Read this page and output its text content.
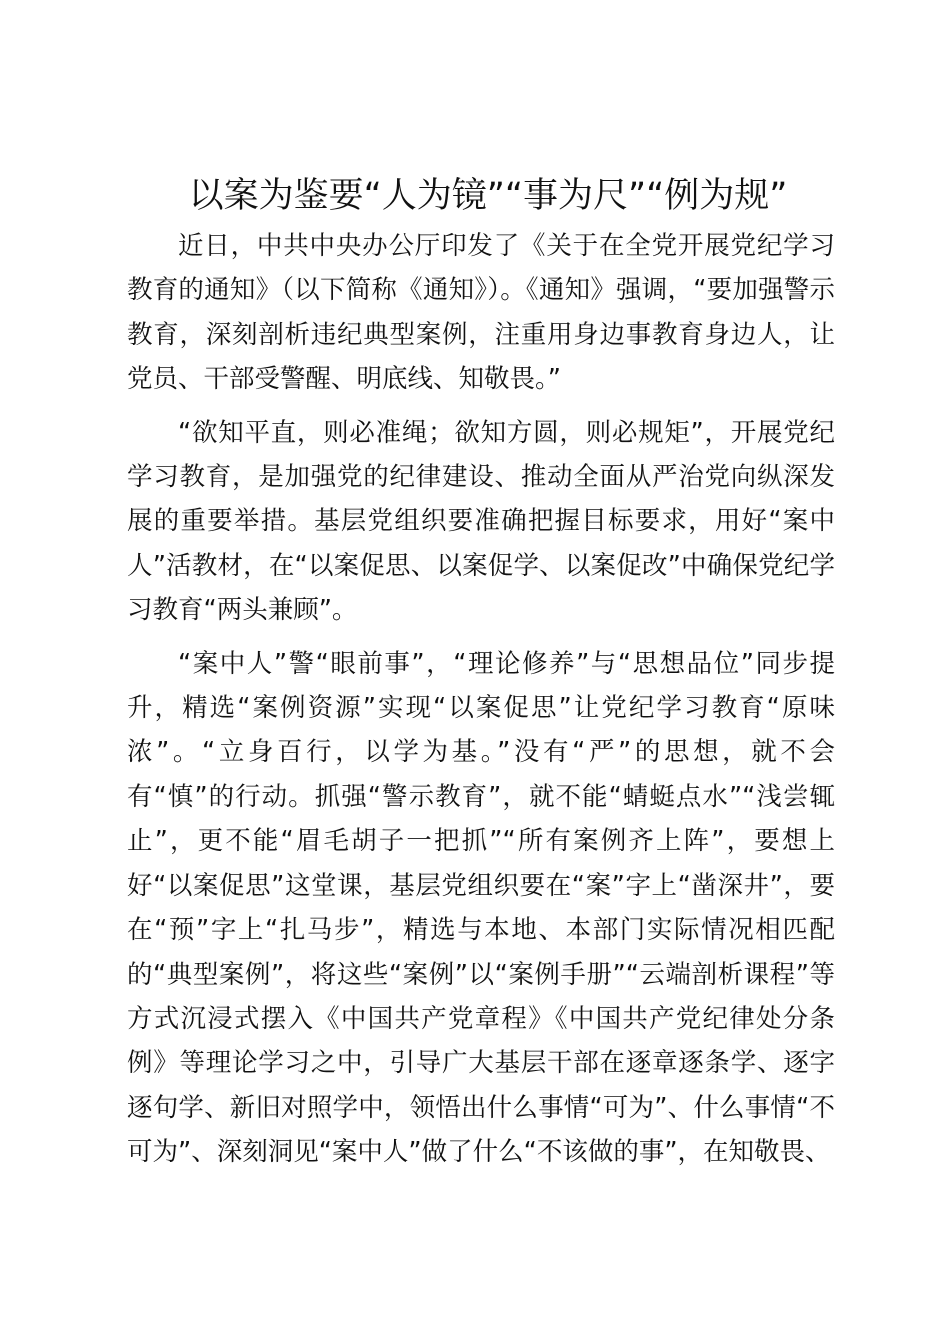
以案为鉴要“人为镜”“事为尺”“例为规”

近日，中共中央办公厅印发了《关于在全党开展党纪学习教育的通知》（以下简称《通知》）。《通知》强调，“要加强警示教育，深刻剖析违纪典型案例，注重用身边事教育身边人，让党员、干部受警醒、明底线、知敬畏。”

“欲知平直，则必准绳；欲知方圆，则必规矩”，开展党纪学习教育，是加强党的纪律建设、推动全面从严治党向纵深发展的重要举措。基层党组织要准确把握目标要求，用好“案中人”活教材，在“以案促思、以案促学、以案促改”中确保党纪学习教育“两头兼顾”。

“案中人”警“眼前事”，“理论修养”与“思想品位”同步提升，精选“案例资源”实现“以案促思”让党纪学习教育“原味浓”。“立身百行，以学为基。”没有“严”的思想，就不会有“慎”的行动。抓强“警示教育”，就不能“蜻蜓点水”“浅尝辄止”，更不能“眉毛胡子一把抓”“所有案例齐上阵”，要想上好“以案促思”这堂课，基层党组织要在“案”字上“凿深井”，要在“预”字上“扎马步”，精选与本地、本部门实际情况相匹配的“典型案例”，将这些“案例”以“案例手册”“云端剖析课程”等方式沉浸式摆入《中国共产党章程》《中国共产党纪律处分条例》等理论学习之中，引导广大基层干部在逐章逐条学、逐字逐句学、新旧对照学中，领悟出什么事情“可为”、什么事情“不可为”、深刻洞见“案中人”做了什么“不该做的事”，在知敬畏、
